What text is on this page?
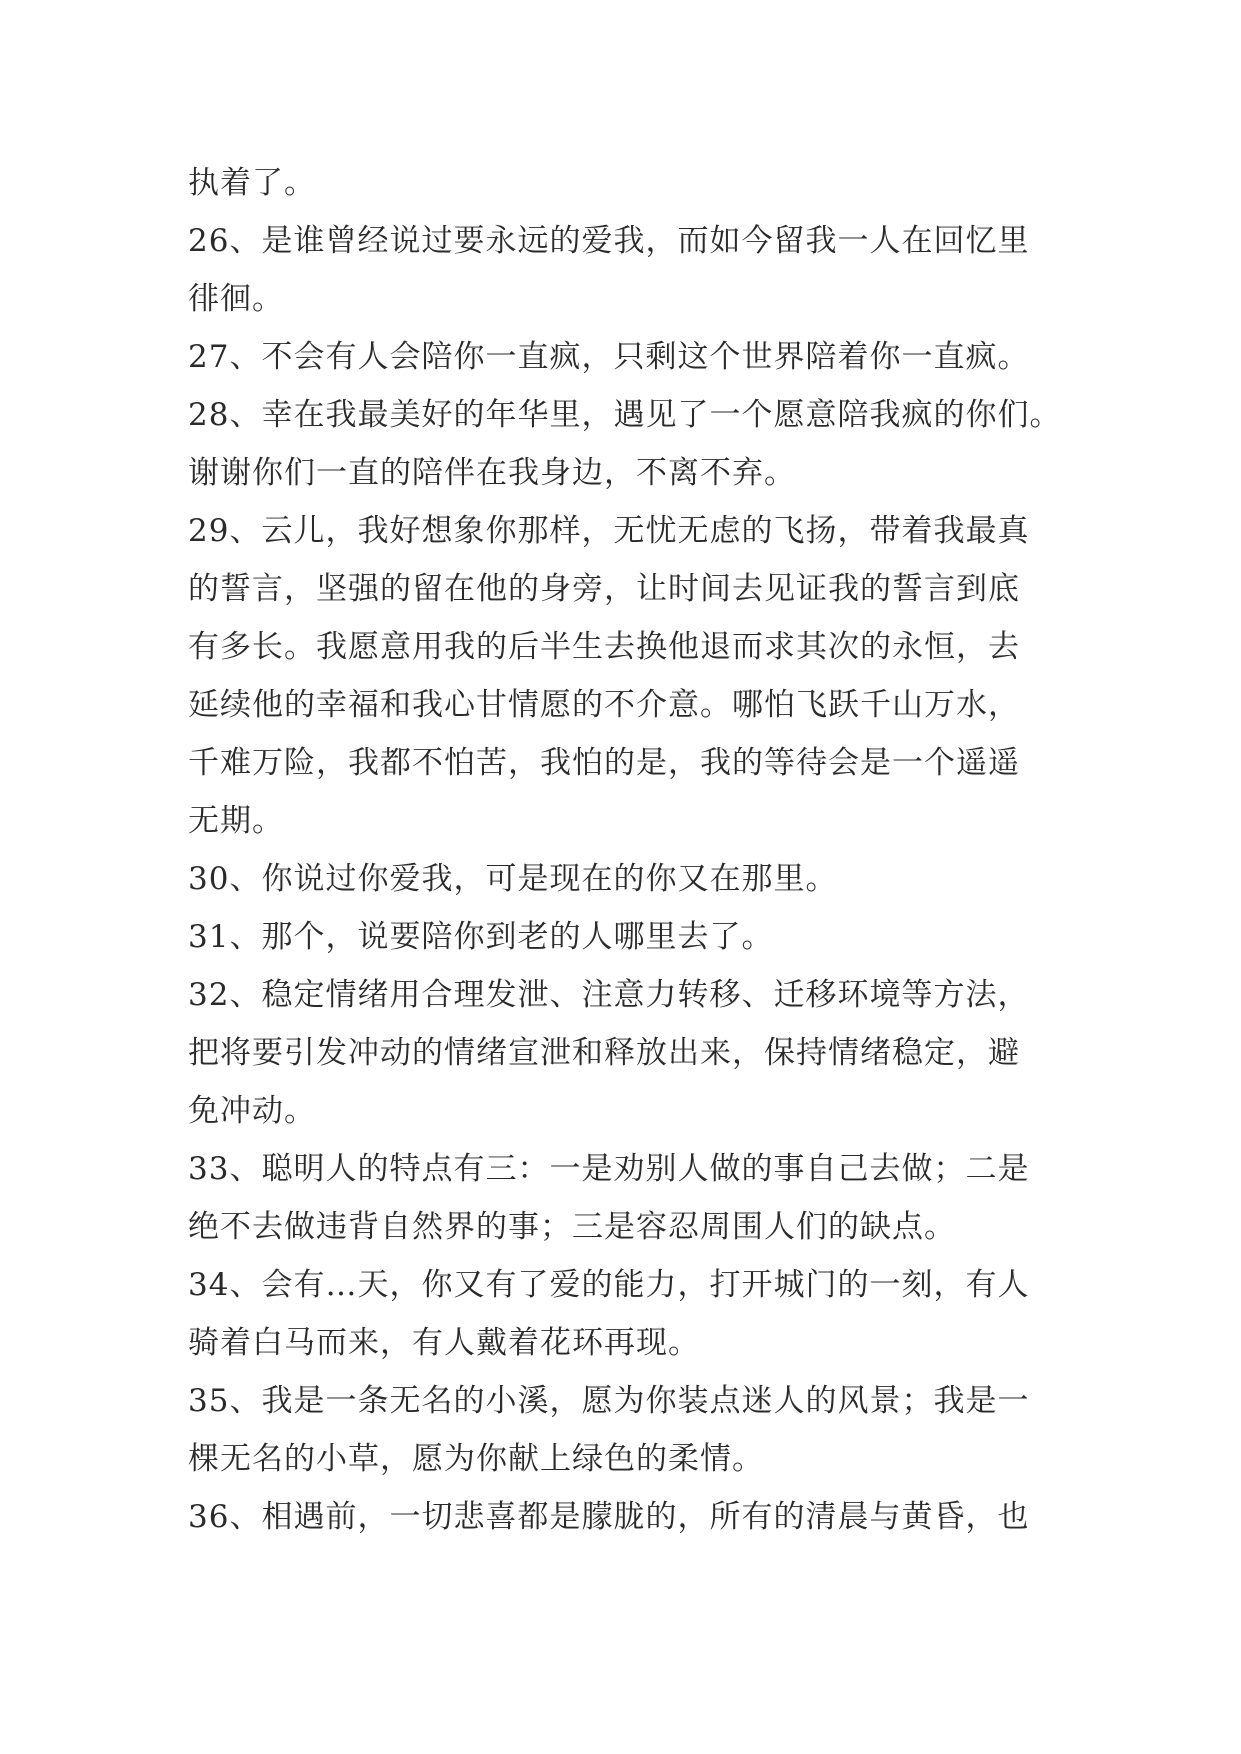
执着了。
26、是谁曾经说过要永远的爱我，而如今留我一人在回忆里
徘徊。
27、不会有人会陪你一直疯，只剩这个世界陪着你一直疯。
28、幸在我最美好的年华里，遇见了一个愿意陪我疯的你们。
谢谢你们一直的陪伴在我身边，不离不弃。
29、云儿，我好想象你那样，无忧无虑的飞扬，带着我最真
的誓言，坚强的留在他的身旁，让时间去见证我的誓言到底
有多长。我愿意用我的后半生去换他退而求其次的永恒，去
延续他的幸福和我心甘情愿的不介意。哪怕飞跃千山万水，
千难万险，我都不怕苦，我怕的是，我的等待会是一个遥遥
无期。
30、你说过你爱我，可是现在的你又在那里。
31、那个，说要陪你到老的人哪里去了。
32、稳定情绪用合理发泄、注意力转移、迁移环境等方法，
把将要引发冲动的情绪宣泄和释放出来，保持情绪稳定，避
免冲动。
33、聪明人的特点有三：一是劝别人做的事自己去做；二是
绝不去做违背自然界的事；三是容忍周围人们的缺点。
34、会有…天，你又有了爱的能力，打开城门的一刻，有人
骑着白马而来，有人戴着花环再现。
35、我是一条无名的小溪，愿为你装点迷人的风景；我是一
棵无名的小草，愿为你献上绿色的柔情。
36、相遇前，一切悲喜都是朦胧的，所有的清晨与黄昏，也
